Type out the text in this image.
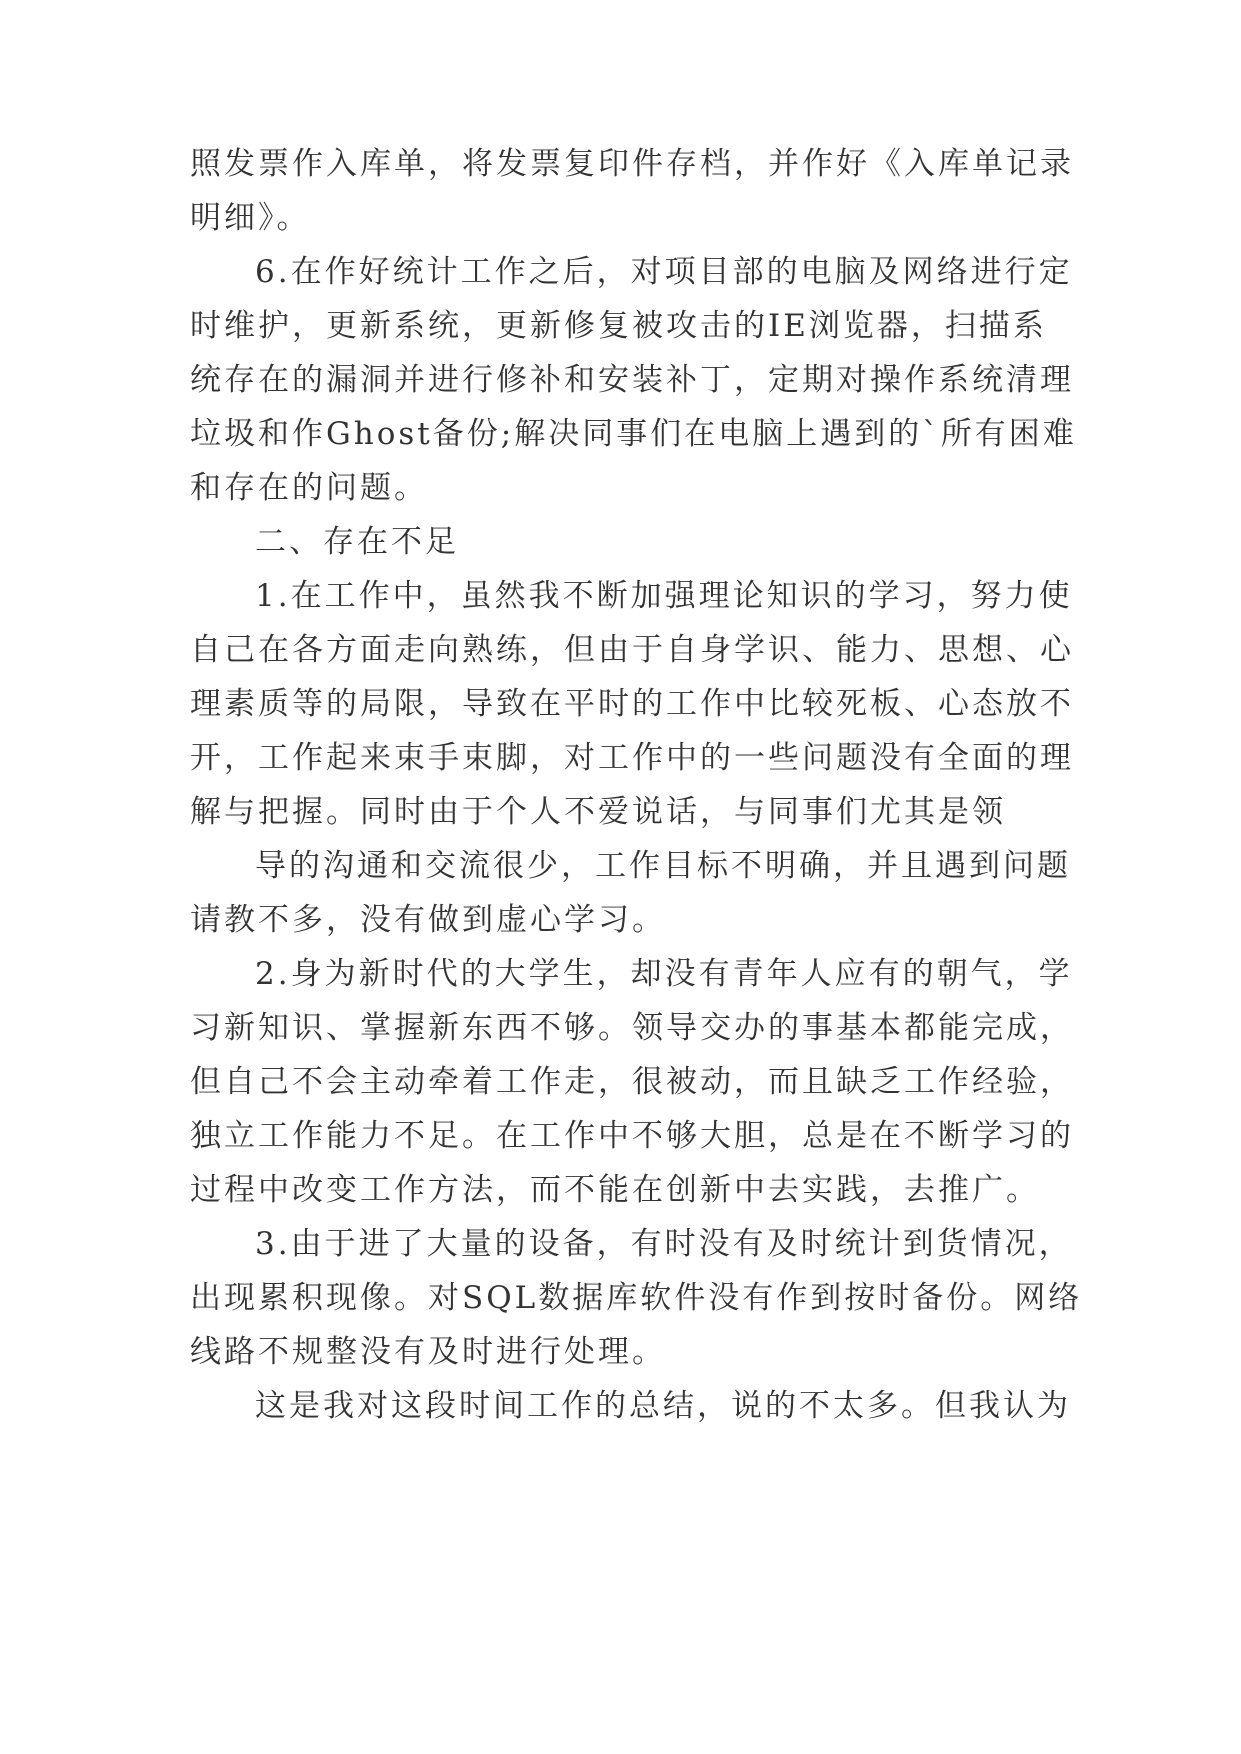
照发票作入库单，将发票复印件存档，并作好《入库单记录
明细》。
6.在作好统计工作之后，对项目部的电脑及网络进行定
时维护，更新系统，更新修复被攻击的IE浏览器，扫描系
统存在的漏洞并进行修补和安装补丁，定期对操作系统清理
垃圾和作Ghost备份;解决同事们在电脑上遇到的`所有困难
和存在的问题。
二、存在不足
1.在工作中，虽然我不断加强理论知识的学习，努力使
自己在各方面走向熟练，但由于自身学识、能力、思想、心
理素质等的局限，导致在平时的工作中比较死板、心态放不
开，工作起来束手束脚，对工作中的一些问题没有全面的理
解与把握。同时由于个人不爱说话，与同事们尤其是领
导的沟通和交流很少，工作目标不明确，并且遇到问题
请教不多，没有做到虚心学习。
2.身为新时代的大学生，却没有青年人应有的朝气，学
习新知识、掌握新东西不够。领导交办的事基本都能完成，
但自己不会主动牵着工作走，很被动，而且缺乏工作经验，
独立工作能力不足。在工作中不够大胆，总是在不断学习的
过程中改变工作方法，而不能在创新中去实践，去推广。
3.由于进了大量的设备，有时没有及时统计到货情况，
出现累积现像。对SQL数据库软件没有作到按时备份。网络
线路不规整没有及时进行处理。
这是我对这段时间工作的总结，说的不太多。但我认为
